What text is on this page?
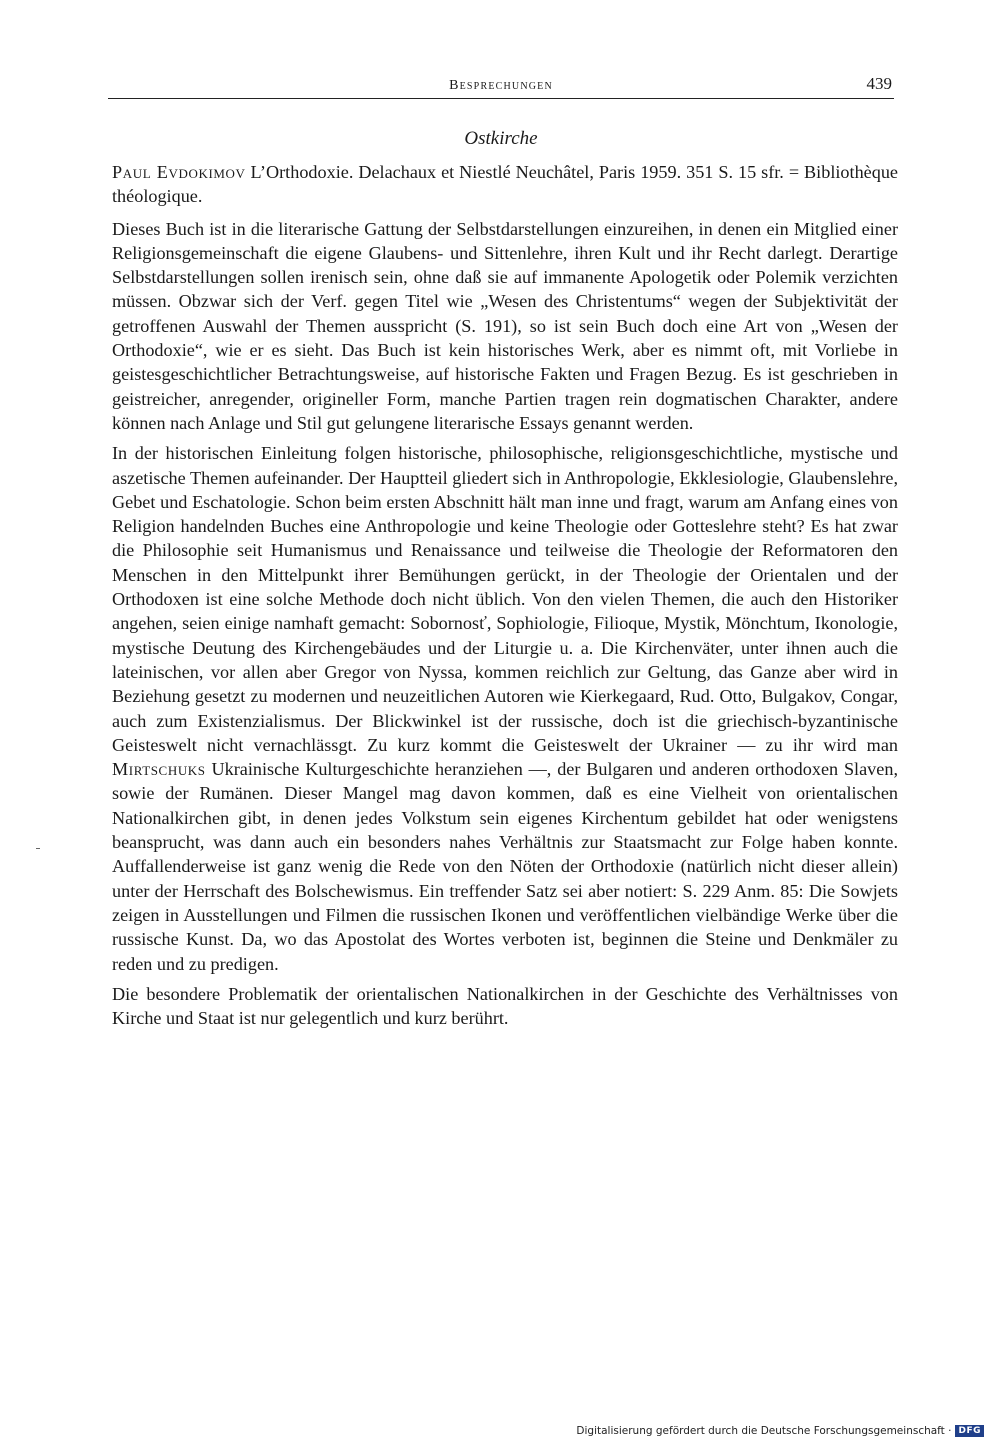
Besprechungen	439
Ostkirche

Paul Evdokimov L’Orthodoxie. Delachaux et Niestlé Neuchâtel, Paris 1959. 351 S. 15 sfr. = Bibliothèque théologique.

Dieses Buch ist in die literarische Gattung der Selbstdarstellungen einzureihen, in denen ein Mitglied einer Religionsgemeinschaft die eigene Glaubens- und Sittenlehre, ihren Kult und ihr Recht darlegt. Derartige Selbstdarstellungen sollen irenisch sein, ohne daß sie auf immanente Apologetik oder Polemik verzichten müssen. Obzwar sich der Verf. gegen Titel wie „Wesen des Christentums“ wegen der Subjektivität der getroffenen Auswahl der Themen ausspricht (S. 191), so ist sein Buch doch eine Art von „Wesen der Orthodoxie“, wie er es sieht. Das Buch ist kein historisches Werk, aber es nimmt oft, mit Vorliebe in geistesgeschichtlicher Betrachtungsweise, auf historische Fakten und Fragen Bezug. Es ist geschrieben in geistreicher, anregender, origineller Form, manche Partien tragen rein dogmatischen Charakter, andere können nach Anlage und Stil gut gelungene literarische Essays genannt werden.

In der historischen Einleitung folgen historische, philosophische, religionsgeschichtliche, mystische und aszetische Themen aufeinander. Der Hauptteil gliedert sich in Anthropologie, Ekklesiologie, Glaubenslehre, Gebet und Eschatologie. Schon beim ersten Abschnitt hält man inne und fragt, warum am Anfang eines von Religion handelnden Buches eine Anthropologie und keine Theologie oder Gotteslehre steht? Es hat zwar die Philosophie seit Humanismus und Renaissance und teilweise die Theologie der Reformatoren den Menschen in den Mittelpunkt ihrer Bemühungen gerückt, in der Theologie der Orientalen und der Orthodoxen ist eine solche Methode doch nicht üblich. Von den vielen Themen, die auch den Historiker angehen, seien einige namhaft gemacht: Sobornosť, Sophiologie, Filioque, Mystik, Mönchtum, Ikonologie, mystische Deutung des Kirchengebäudes und der Liturgie u. a. Die Kirchenväter, unter ihnen auch die lateinischen, vor allen aber Gregor von Nyssa, kommen reichlich zur Geltung, das Ganze aber wird in Beziehung gesetzt zu modernen und neuzeitlichen Autoren wie Kierkegaard, Rud. Otto, Bulgakov, Congar, auch zum Existenzialismus. Der Blickwinkel ist der russische, doch ist die griechisch-byzantinische Geisteswelt nicht vernachlässgt. Zu kurz kommt die Geisteswelt der Ukrainer — zu ihr wird man Mirtschuks Ukrainische Kulturgeschichte heranziehen —, der Bulgaren und anderen orthodoxen Slaven, sowie der Rumänen. Dieser Mangel mag davon kommen, daß es eine Vielheit von orientalischen Nationalkirchen gibt, in denen jedes Volkstum sein eigenes Kirchentum gebildet hat oder wenigstens beansprucht, was dann auch ein besonders nahes Verhältnis zur Staatsmacht zur Folge haben konnte. Auffallenderweise ist ganz wenig die Rede von den Nöten der Orthodoxie (natürlich nicht dieser allein) unter der Herrschaft des Bolschewismus. Ein treffender Satz sei aber notiert: S. 229 Anm. 85: Die Sowjets zeigen in Ausstellungen und Filmen die russischen Ikonen und veröffentlichen vielbändige Werke über die russische Kunst. Da, wo das Apostolat des Wortes verboten ist, beginnen die Steine und Denkmäler zu reden und zu predigen.

Die besondere Problematik der orientalischen Nationalkirchen in der Geschichte des Verhältnisses von Kirche und Staat ist nur gelegentlich und kurz berührt.

Digitalisierung gefördert durch die Deutsche Forschungsgemeinschaft · DFG
